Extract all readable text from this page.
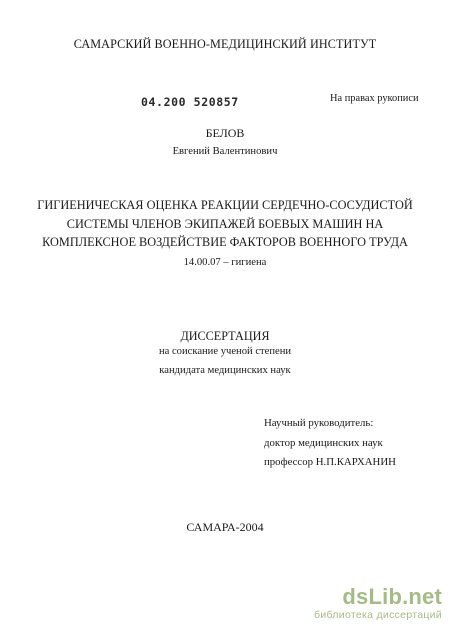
САМАРСКИЙ ВОЕННО-МЕДИЦИНСКИЙ ИНСТИТУТ
04.200 520857	На правах рукописи
БЕЛОВ
Евгений Валентинович
ГИГИЕНИЧЕСКАЯ ОЦЕНКА РЕАКЦИИ СЕРДЕЧНО-СОСУДИСТОЙ
СИСТЕМЫ ЧЛЕНОВ ЭКИПАЖЕЙ БОЕВЫХ МАШИН НА
КОМПЛЕКСНОЕ ВОЗДЕЙСТВИЕ ФАКТОРОВ ВОЕННОГО ТРУДА
14.00.07 – гигиена
ДИССЕРТАЦИЯ
на соискание ученой степени
кандидата медицинских наук
Научный руководитель:
доктор медицинских наук
профессор Н.П.КАРХАНИН
САМАРА-2004
dsLib.net
библиотека диссертаций
